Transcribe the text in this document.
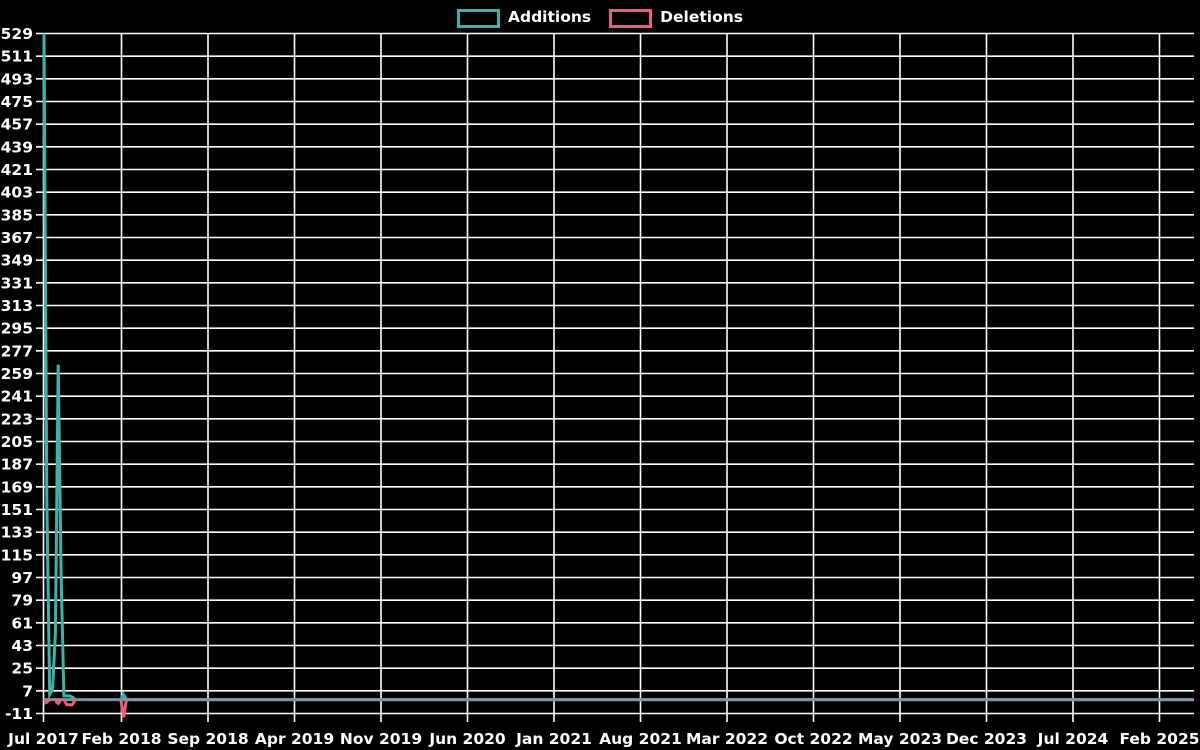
Additions	Deletions
529
511
493
475
457
439
421
403
385
367
349
331
313
295
277
259
241
223
205
187
169
151
133
115
97
79
61
43
25
7
-11
Jul 2017 Feb 2018 Sep 2018 Apr 2019 Nov 2019 Jun 2020 Jan 2021 Aug 2021 Mar 2022 Oct 2022 May 2023 Dec 2023 Jul 2024 Feb 2025
